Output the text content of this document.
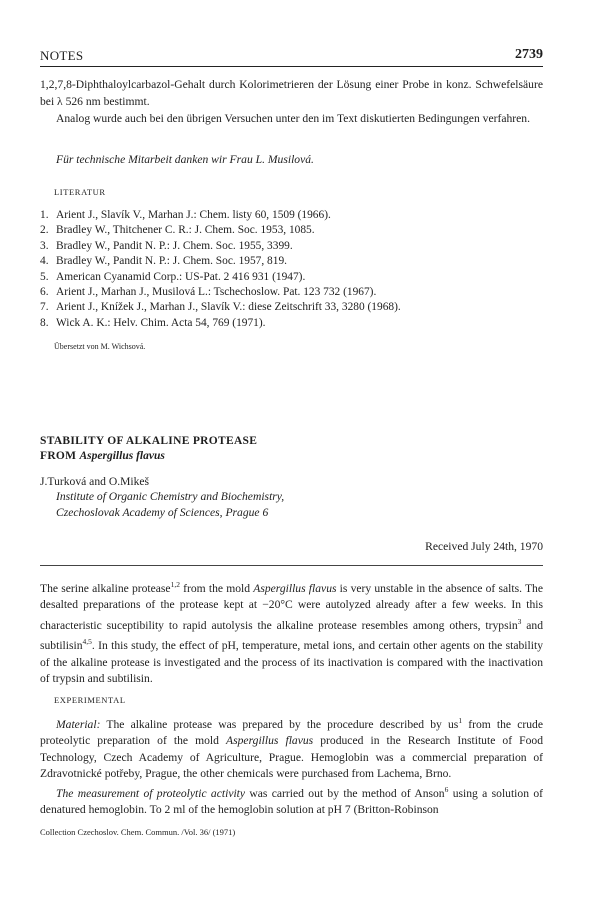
NOTES	2739

1,2,7,8-Diphthaloylcarbazol-Gehalt durch Kolorimetrieren der Lösung einer Probe in konz. Schwefelsäure bei λ 526 nm bestimmt.

Analog wurde auch bei den übrigen Versuchen unter den im Text diskutierten Bedingungen verfahren.

Für technische Mitarbeit danken wir Frau L. Musilová.

LITERATUR
1. Arient J., Slavík V., Marhan J.: Chem. listy 60, 1509 (1966).
2. Bradley W., Thitchener C. R.: J. Chem. Soc. 1953, 1085.
3. Bradley W., Pandit N. P.: J. Chem. Soc. 1955, 3399.
4. Bradley W., Pandit N. P.: J. Chem. Soc. 1957, 819.
5. American Cyanamid Corp.: US-Pat. 2 416 931 (1947).
6. Arient J., Marhan J., Musilová L.: Tschechoslow. Pat. 123 732 (1967).
7. Arient J., Knížek J., Marhan J., Slavík V.: diese Zeitschrift 33, 3280 (1968).
8. Wick A. K.: Helv. Chim. Acta 54, 769 (1971).
Übersetzt von M. Wichsová.
STABILITY OF ALKALINE PROTEASE
FROM Aspergillus flavus
J.Turková and O.Mikeš
Institute of Organic Chemistry and Biochemistry,
Czechoslovak Academy of Sciences, Prague 6
Received July 24th, 1970

The serine alkaline protease$^{1,2}$ from the mold Aspergillus flavus is very unstable in the absence of salts. The desalted preparations of the protease kept at −20°C were autolyzed already after a few weeks. In this characteristic suceptibility to rapid autolysis the alkaline protease resembles among others, trypsin$^3$ and subtilisin$^{4,5}$. In this study, the effect of pH, temperature, metal ions, and certain other agents on the stability of the alkaline protease is investigated and the process of its inactivation is compared with the inactivation of trypsin and subtilisin.

EXPERIMENTAL

Material: The alkaline protease was prepared by the procedure described by $us^1$ from the crude proteolytic preparation of the mold Aspergillus flavus produced in the Research Institute of Food Technology, Czech Academy of Agriculture, Prague. Hemoglobin was a commercial preparation of Zdravotnické potřeby, Prague, the other chemicals were purchased from Lachema, Brno.

The measurement of proteolytic activity was carried out by the method of Anson$^6$ using a solution of denatured hemoglobin. To 2 ml of the hemoglobin solution at pH 7 (Britton-Robinson

Collection Czechoslov. Chem. Commun. /Vol. 36/ (1971)
